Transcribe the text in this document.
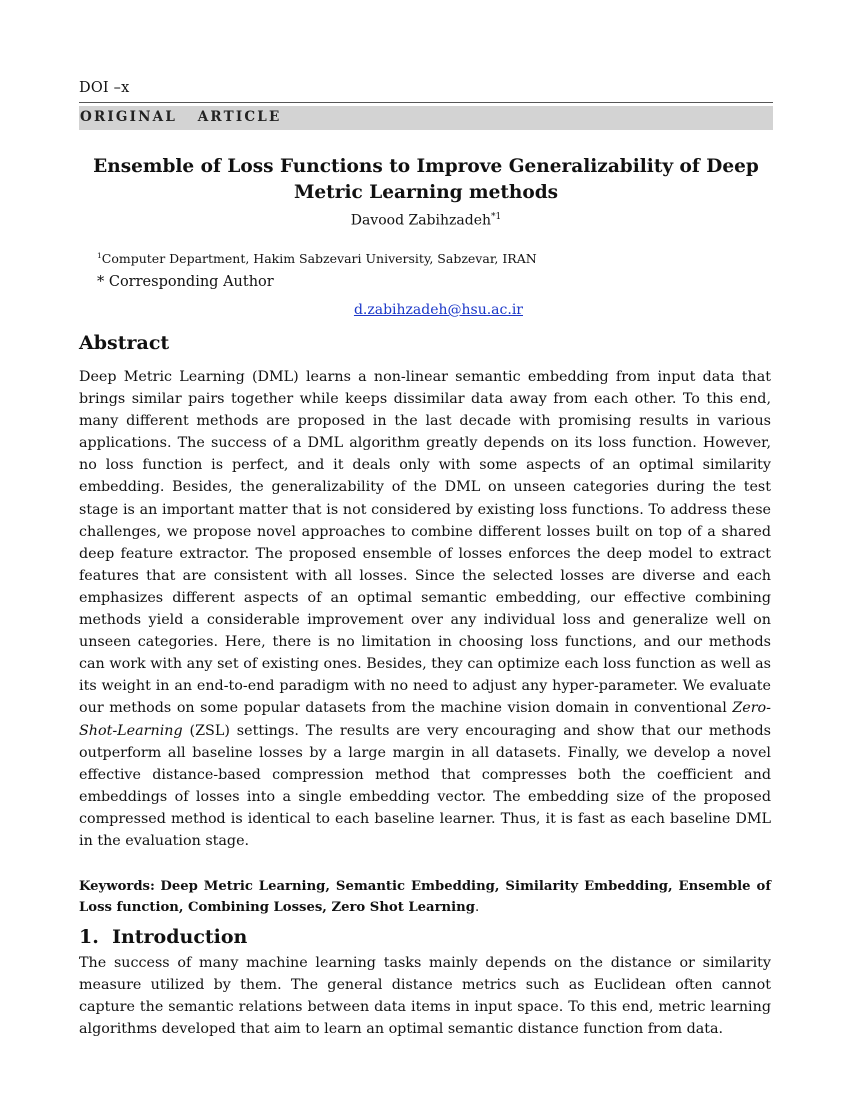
DOI –x
ORIGINAL   ARTICLE
Ensemble of Loss Functions to Improve Generalizability of Deep
Metric Learning methods
Davood Zabihzadeh$^{*1}$
$^1$Computer Department, Hakim Sabzevari University, Sabzevar, IRAN
* Corresponding Author
d.zabihzadeh@hsu.ac.ir
Abstract

Deep Metric Learning (DML) learns a non-linear semantic embedding from input data that brings similar pairs together while keeps dissimilar data away from each other. To this end, many different methods are proposed in the last decade with promising results in various applications. The success of a DML algorithm greatly depends on its loss function. However, no loss function is perfect, and it deals only with some aspects of an optimal similarity embedding. Besides, the generalizability of the DML on unseen categories during the test stage is an important matter that is not considered by existing loss functions. To address these challenges, we propose novel approaches to combine different losses built on top of a shared deep feature extractor. The proposed ensemble of losses enforces the deep model to extract features that are consistent with all losses. Since the selected losses are diverse and each emphasizes different aspects of an optimal semantic embedding, our effective combining methods yield a considerable improvement over any individual loss and generalize well on unseen categories. Here, there is no limitation in choosing loss functions, and our methods can work with any set of existing ones. Besides, they can optimize each loss function as well as its weight in an end-to-end paradigm with no need to adjust any hyper-parameter. We evaluate our methods on some popular datasets from the machine vision domain in conventional Zero-Shot-Learning (ZSL) settings. The results are very encouraging and show that our methods outperform all baseline losses by a large margin in all datasets. Finally, we develop a novel effective distance-based compression method that compresses both the coefficient and embeddings of losses into a single embedding vector. The embedding size of the proposed compressed method is identical to each baseline learner. Thus, it is fast as each baseline DML in the evaluation stage.

Keywords: Deep Metric Learning, Semantic Embedding, Similarity Embedding, Ensemble of Loss function, Combining Losses, Zero Shot Learning.

1.  Introduction

The success of many machine learning tasks mainly depends on the distance or similarity measure utilized by them. The general distance metrics such as Euclidean often cannot capture the semantic relations between data items in input space. To this end, metric learning algorithms developed that aim to learn an optimal semantic distance function from data.
